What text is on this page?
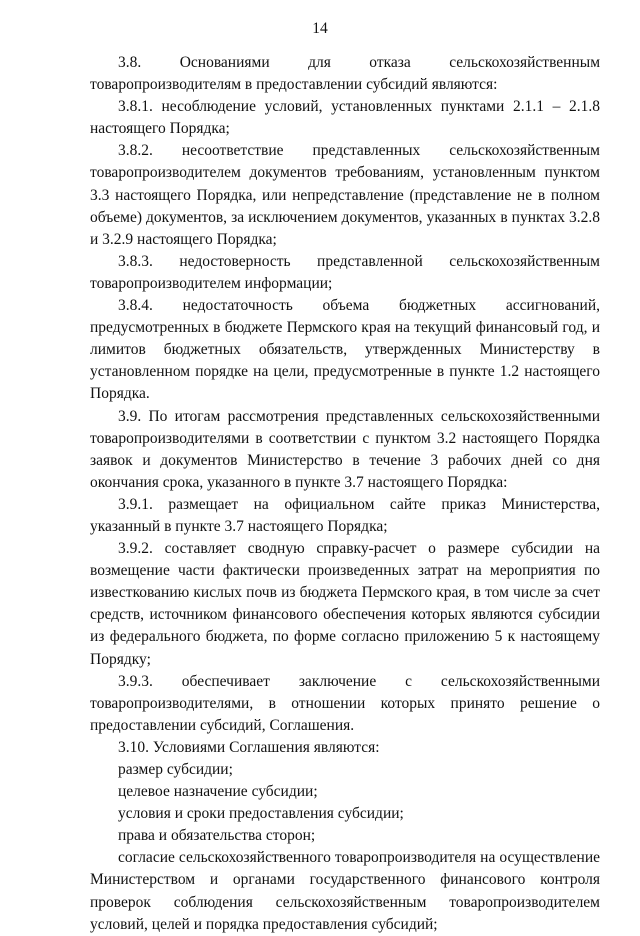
14

3.8. Основаниями для отказа сельскохозяйственным товаропроизводителям в предоставлении субсидий являются:

3.8.1. несоблюдение условий, установленных пунктами 2.1.1 – 2.1.8 настоящего Порядка;

3.8.2. несоответствие представленных сельскохозяйственным товаропроизводителем документов требованиям, установленным пунктом 3.3 настоящего Порядка, или непредставление (представление не в полном объеме) документов, за исключением документов, указанных в пунктах 3.2.8 и 3.2.9 настоящего Порядка;

3.8.3. недостоверность представленной сельскохозяйственным товаропроизводителем информации;

3.8.4. недостаточность объема бюджетных ассигнований, предусмотренных в бюджете Пермского края на текущий финансовый год, и лимитов бюджетных обязательств, утвержденных Министерству в установленном порядке на цели, предусмотренные в пункте 1.2 настоящего Порядка.

3.9. По итогам рассмотрения представленных сельскохозяйственными товаропроизводителями в соответствии с пунктом 3.2 настоящего Порядка заявок и документов Министерство в течение 3 рабочих дней со дня окончания срока, указанного в пункте 3.7 настоящего Порядка:

3.9.1. размещает на официальном сайте приказ Министерства, указанный в пункте 3.7 настоящего Порядка;

3.9.2. составляет сводную справку-расчет о размере субсидии на возмещение части фактически произведенных затрат на мероприятия по известкованию кислых почв из бюджета Пермского края, в том числе за счет средств, источником финансового обеспечения которых являются субсидии из федерального бюджета, по форме согласно приложению 5 к настоящему Порядку;

3.9.3. обеспечивает заключение с сельскохозяйственными товаропроизводителями, в отношении которых принято решение о предоставлении субсидий, Соглашения.

3.10. Условиями Соглашения являются:

размер субсидии;

целевое назначение субсидии;

условия и сроки предоставления субсидии;

права и обязательства сторон;

согласие сельскохозяйственного товаропроизводителя на осуществление Министерством и органами государственного финансового контроля проверок соблюдения сельскохозяйственным товаропроизводителем условий, целей и порядка предоставления субсидий;
